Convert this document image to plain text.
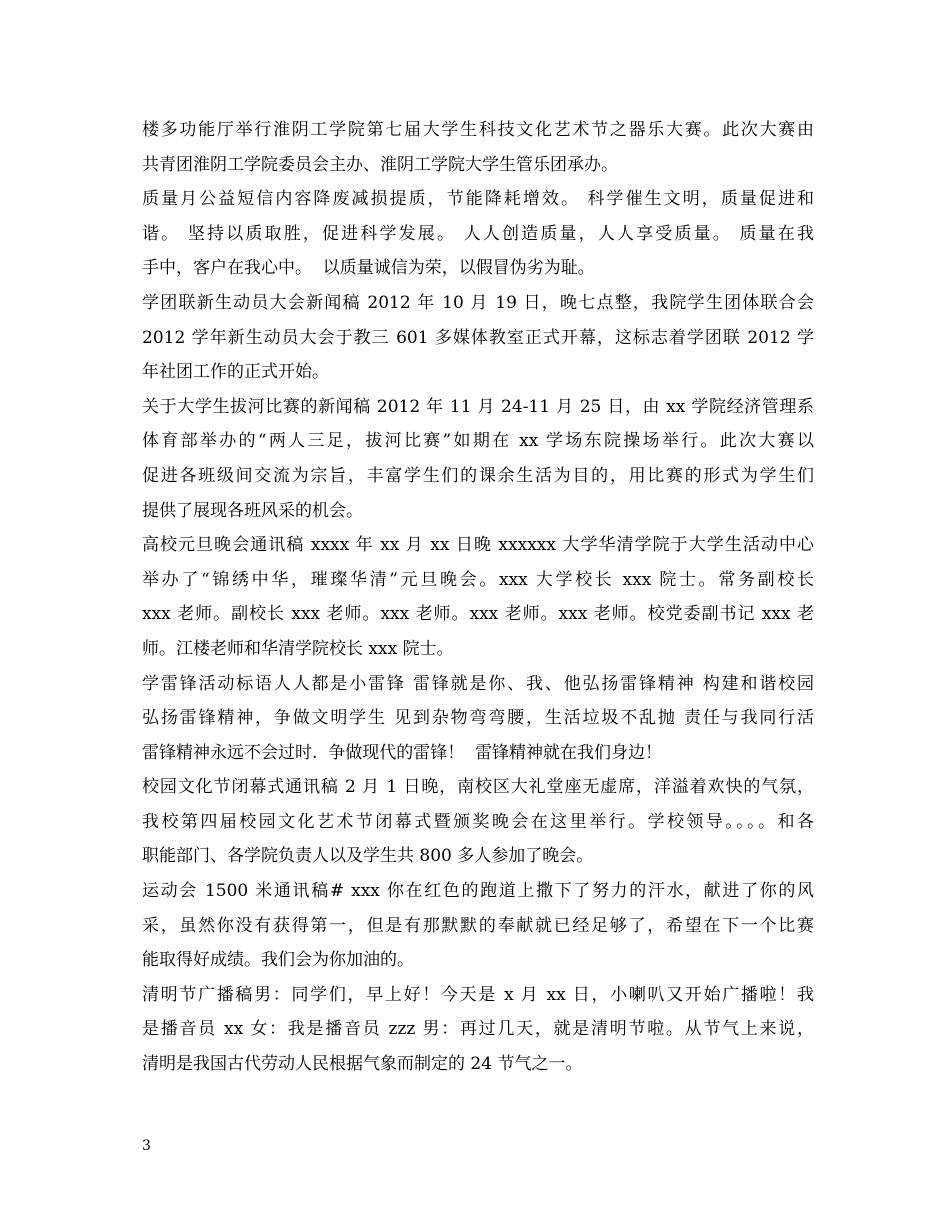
楼多功能厅举行淮阴工学院第七届大学生科技文化艺术节之器乐大赛。此次大赛由
共青团淮阴工学院委员会主办、淮阴工学院大学生管乐团承办。
质量月公益短信内容降废减损提质，节能降耗增效。 科学催生文明，质量促进和
谐。 坚持以质取胜，促进科学发展。 人人创造质量，人人享受质量。 质量在我
手中，客户在我心中。  以质量诚信为荣，以假冒伪劣为耻。
学团联新生动员大会新闻稿 2012 年 10 月 19 日，晚七点整，我院学生团体联合会
2012 学年新生动员大会于教三 601 多媒体教室正式开幕，这标志着学团联 2012 学
年社团工作的正式开始。
关于大学生拔河比赛的新闻稿 2012 年 11 月 24-11 月 25 日，由 xx 学院经济管理系
体育部举办的“两人三足，拔河比赛”如期在 xx 学场东院操场举行。此次大赛以
促进各班级间交流为宗旨，丰富学生们的课余生活为目的，用比赛的形式为学生们
提供了展现各班风采的机会。
高校元旦晚会通讯稿 xxxx 年 xx 月 xx 日晚 xxxxxx 大学华清学院于大学生活动中心
举办了“锦绣中华，璀璨华清”元旦晚会。xxx 大学校长 xxx 院士。常务副校长
xxx 老师。副校长 xxx 老师。xxx 老师。xxx 老师。xxx 老师。校党委副书记 xxx 老
师。江楼老师和华清学院校长 xxx 院士。
学雷锋活动标语人人都是小雷锋 雷锋就是你、我、他弘扬雷锋精神 构建和谐校园
弘扬雷锋精神，争做文明学生 见到杂物弯弯腰，生活垃圾不乱抛 责任与我同行活
雷锋精神永远不会过时.  争做现代的雷锋！  雷锋精神就在我们身边！
校园文化节闭幕式通讯稿 2 月 1 日晚，南校区大礼堂座无虚席，洋溢着欢快的气氛，
我校第四届校园文化艺术节闭幕式暨颁奖晚会在这里举行。学校领导。。。。和各
职能部门、各学院负责人以及学生共 800 多人参加了晚会。
运动会 1500 米通讯稿# xxx 你在红色的跑道上撒下了努力的汗水，献进了你的风
采，虽然你没有获得第一，但是有那默默的奉献就已经足够了，希望在下一个比赛
能取得好成绩。我们会为你加油的。
清明节广播稿男：同学们，早上好！今天是 x 月 xx 日，小喇叭又开始广播啦！我
是播音员 xx 女：我是播音员 zzz 男：再过几天，就是清明节啦。从节气上来说，
清明是我国古代劳动人民根据气象而制定的 24 节气之一。
3
